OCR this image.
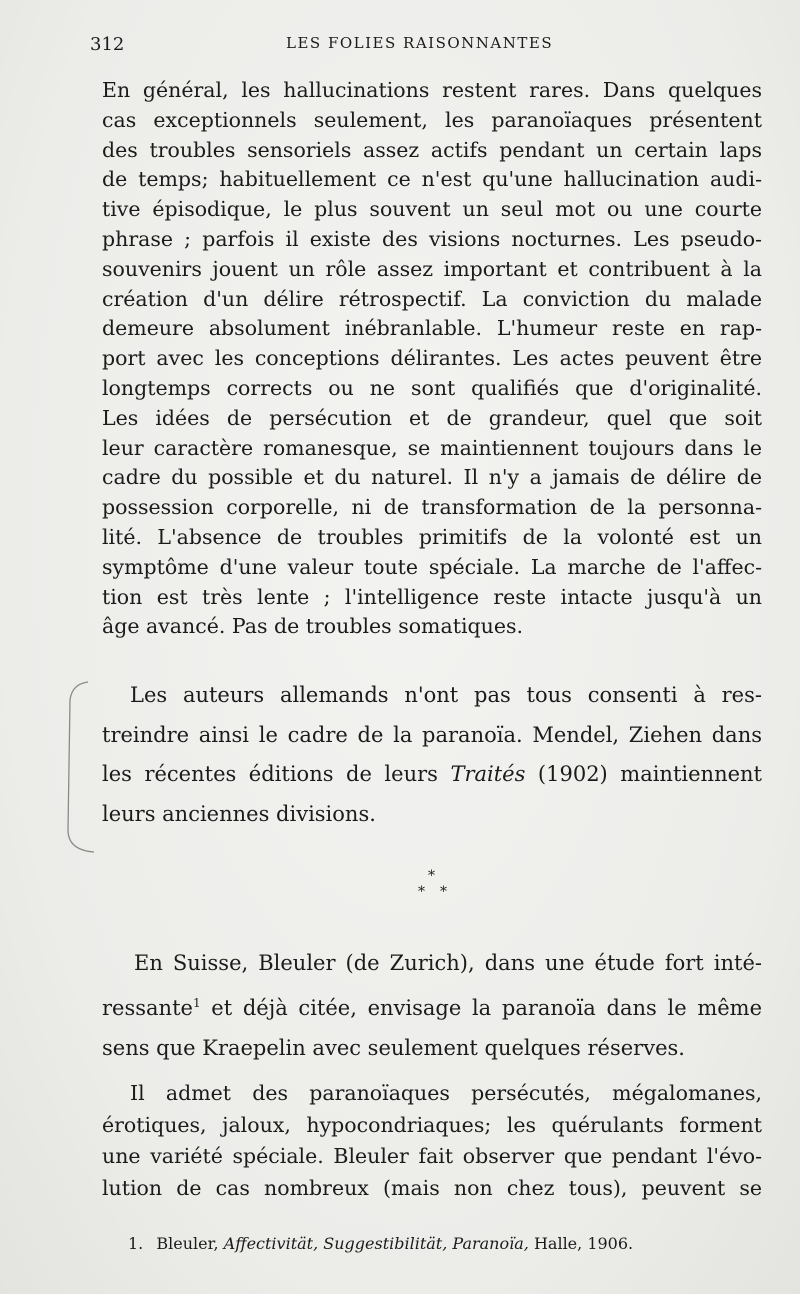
312	LES FOLIES RAISONNANTES
En général, les hallucinations restent rares. Dans quelques
cas exceptionnels seulement, les paranoïaques présentent
des troubles sensoriels assez actifs pendant un certain laps
de temps; habituellement ce n'est qu'une hallucination audi-
tive épisodique, le plus souvent un seul mot ou une courte
phrase ; parfois il existe des visions nocturnes. Les pseudo-
souvenirs jouent un rôle assez important et contribuent à la
création d'un délire rétrospectif. La conviction du malade
demeure absolument inébranlable. L'humeur reste en rap-
port avec les conceptions délirantes. Les actes peuvent être
longtemps corrects ou ne sont qualifiés que d'originalité.
Les idées de persécution et de grandeur, quel que soit
leur caractère romanesque, se maintiennent toujours dans le
cadre du possible et du naturel. Il n'y a jamais de délire de
possession corporelle, ni de transformation de la personna-
lité. L'absence de troubles primitifs de la volonté est un
symptôme d'une valeur toute spéciale. La marche de l'affec-
tion est très lente ; l'intelligence reste intacte jusqu'à un
âge avancé. Pas de troubles somatiques.
Les auteurs allemands n'ont pas tous consenti à res-
treindre ainsi le cadre de la paranoïa. Mendel, Ziehen dans
les récentes éditions de leurs Traités (1902) maintiennent
leurs anciennes divisions.
*
* *
En Suisse, Bleuler (de Zurich), dans une étude fort inté-
ressante$^1$ et déjà citée, envisage la paranoïa dans le même
sens que Kraepelin avec seulement quelques réserves.
Il admet des paranoïaques persécutés, mégalomanes,
érotiques, jaloux, hypocondriaques; les quérulants forment
une variété spéciale. Bleuler fait observer que pendant l'évo-
lution de cas nombreux (mais non chez tous), peuvent se
1. Bleuler, Affectivität, Suggestibilität, Paranoïa, Halle, 1906.
